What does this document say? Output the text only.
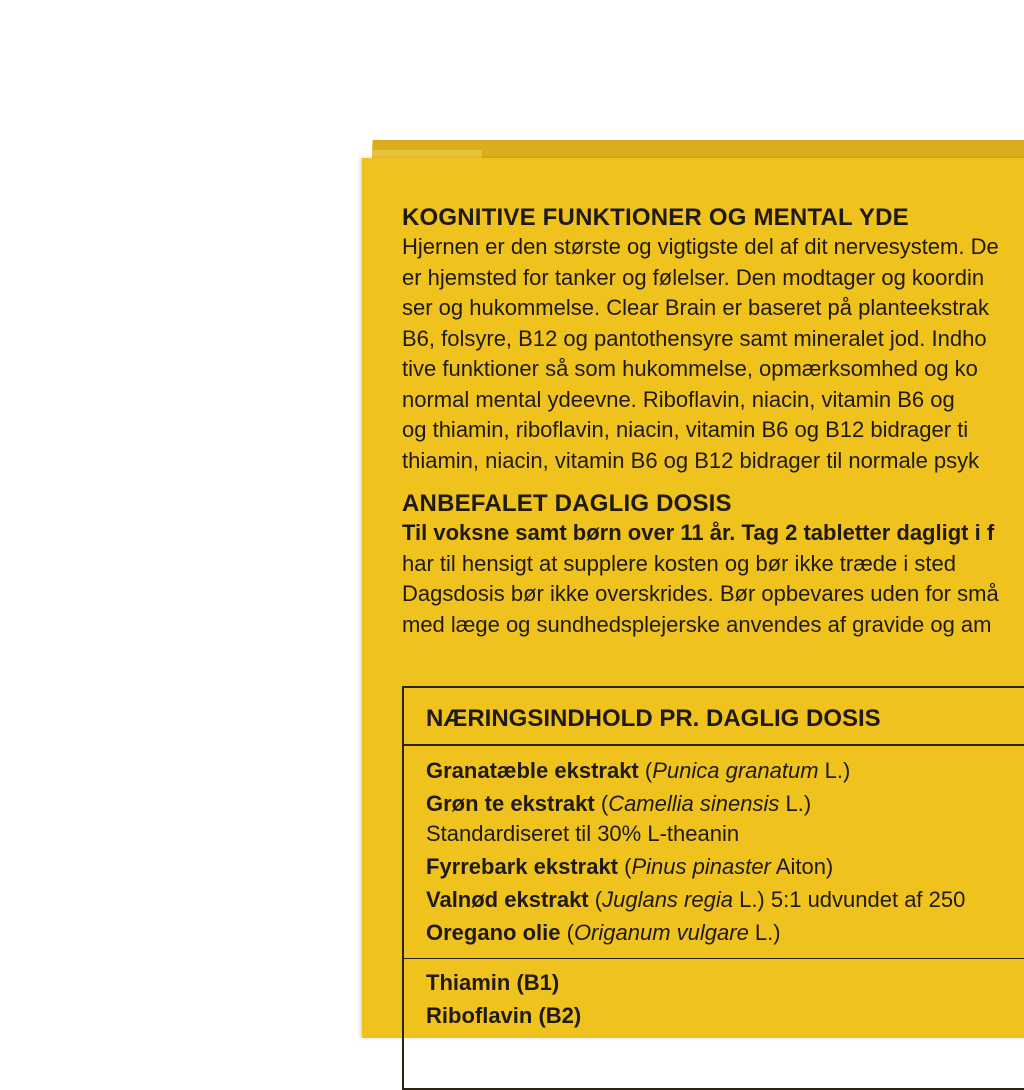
KOGNITIVE FUNKTIONER OG MENTAL YDE
Hjernen er den største og vigtigste del af dit nervesystem. De
er hjemsted for tanker og følelser. Den modtager og koordin
ser og hukommelse. Clear Brain er baseret på planteekstrak
B6, folsyre, B12 og pantothensyre samt mineralet jod. Indho
tive funktioner så som hukommelse, opmærksomhed og ko
normal mental ydeevne. Riboflavin, niacin, vitamin B6 og
og thiamin, riboflavin, niacin, vitamin B6 og B12 bidrager ti
thiamin, niacin, vitamin B6 og B12 bidrager til normale psyk
ANBEFALET DAGLIG DOSIS
Til voksne samt børn over 11 år. Tag 2 tabletter dagligt i f
har til hensigt at supplere kosten og bør ikke træde i sted
Dagsdosis bør ikke overskrides. Bør opbevares uden for små
med læge og sundhedsplejerske anvendes af gravide og am
NÆRINGSINDHOLD PR. DAGLIG DOSIS
Granatæble ekstrakt (Punica granatum L.)
Grøn te ekstrakt (Camellia sinensis L.)
Standardiseret til 30% L-theanin
Fyrrebark ekstrakt (Pinus pinaster Aiton)
Valnød ekstrakt (Juglans regia L.) 5:1 udvundet af 250
Oregano olie (Origanum vulgare L.)
Thiamin (B1)
Riboflavin (B2)
